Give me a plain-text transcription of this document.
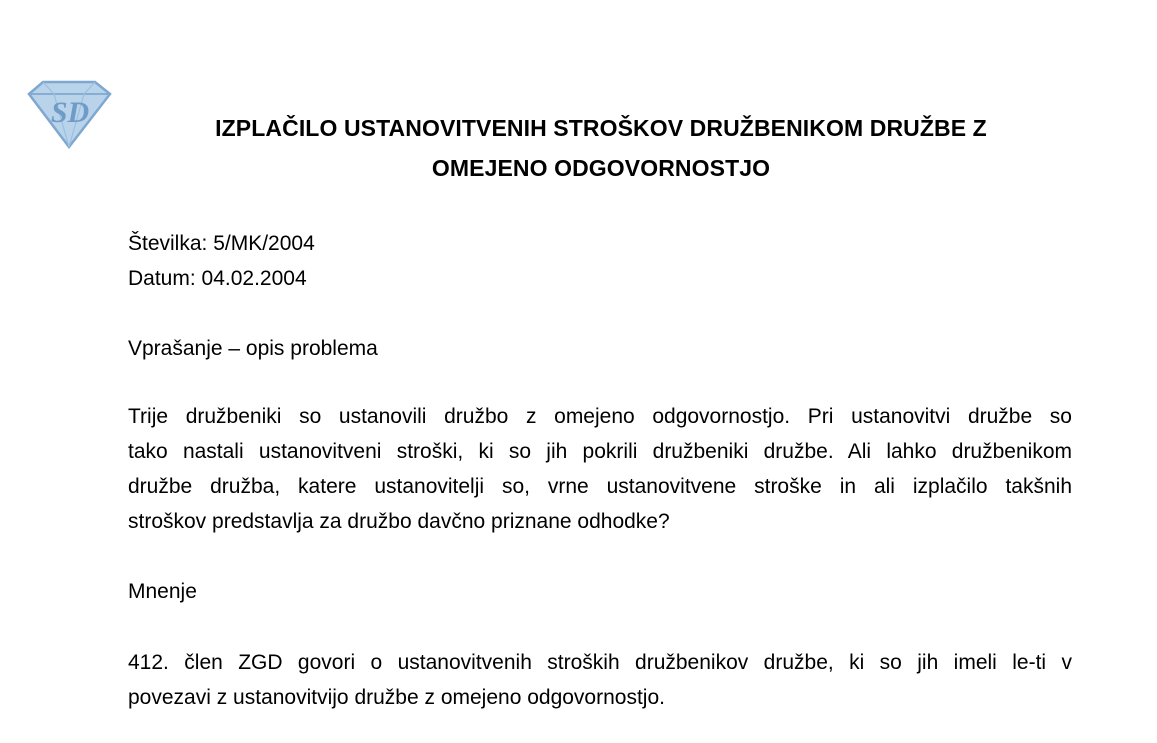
SD	IZPLAČILO USTANOVITVENIH STROŠKOV DRUŽBENIKOM DRUŽBE Z
OMEJENO ODGOVORNOSTJO
Številka: 5/MK/2004
Datum: 04.02.2004
Vprašanje – opis problema
Trije družbeniki so ustanovili družbo z omejeno odgovornostjo. Pri ustanovitvi družbe so
tako nastali ustanovitveni stroški, ki so jih pokrili družbeniki družbe. Ali lahko družbenikom
družbe družba, katere ustanovitelji so, vrne ustanovitvene stroške in ali izplačilo takšnih
stroškov predstavlja za družbo davčno priznane odhodke?
Mnenje
412. člen ZGD govori o ustanovitvenih stroških družbenikov družbe, ki so jih imeli le-ti v
povezavi z ustanovitvijo družbe z omejeno odgovornostjo.
